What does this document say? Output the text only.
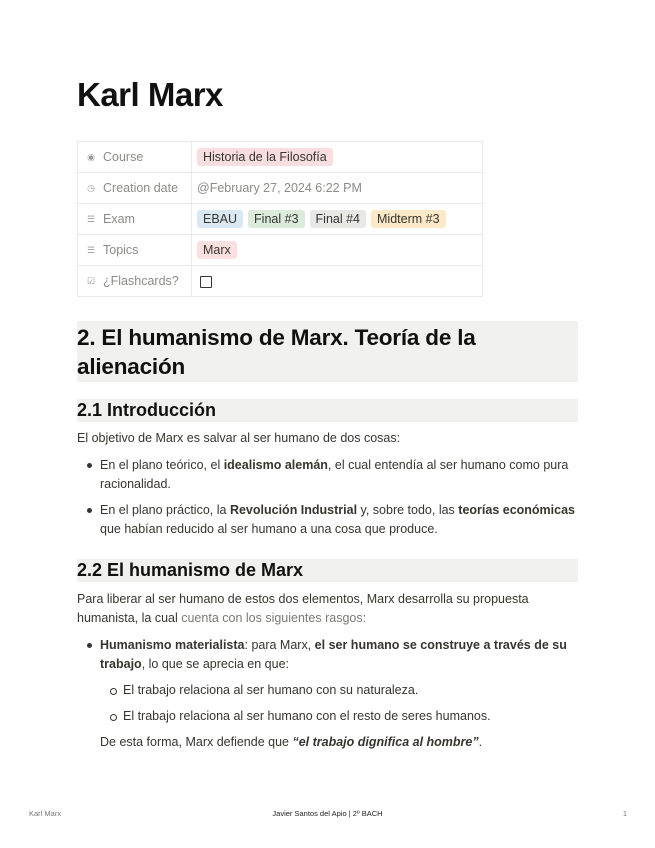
Karl Marx
◉ Course	Historia de la Filosofía
◷ Creation date	@February 27, 2024 6:22 PM
☰ Exam	EBAU Final #3 Final #4 Midterm #3
☰ Topics	Marx
☑ ¿Flashcards?	
2. El humanismo de Marx. Teoría de la alienación
2.1 Introducción

El objetivo de Marx es salvar al ser humano de dos cosas:

En el plano teórico, el idealismo alemán, el cual entendía al ser humano como pura racionalidad.
En el plano práctico, la Revolución Industrial y, sobre todo, las teorías económicas que habían reducido al ser humano a una cosa que produce.
2.2 El humanismo de Marx

Para liberar al ser humano de estos dos elementos, Marx desarrolla su propuesta humanista, la cual cuenta con los siguientes rasgos:

Humanismo materialista: para Marx, el ser humano se construye a través de su trabajo, lo que se aprecia en que:
El trabajo relaciona al ser humano con su naturaleza.
El trabajo relaciona al ser humano con el resto de seres humanos.

De esta forma, Marx defiende que “el trabajo dignifica al hombre”.

Karl Marx	Javier Santos del Apio | 2º BACH	1
